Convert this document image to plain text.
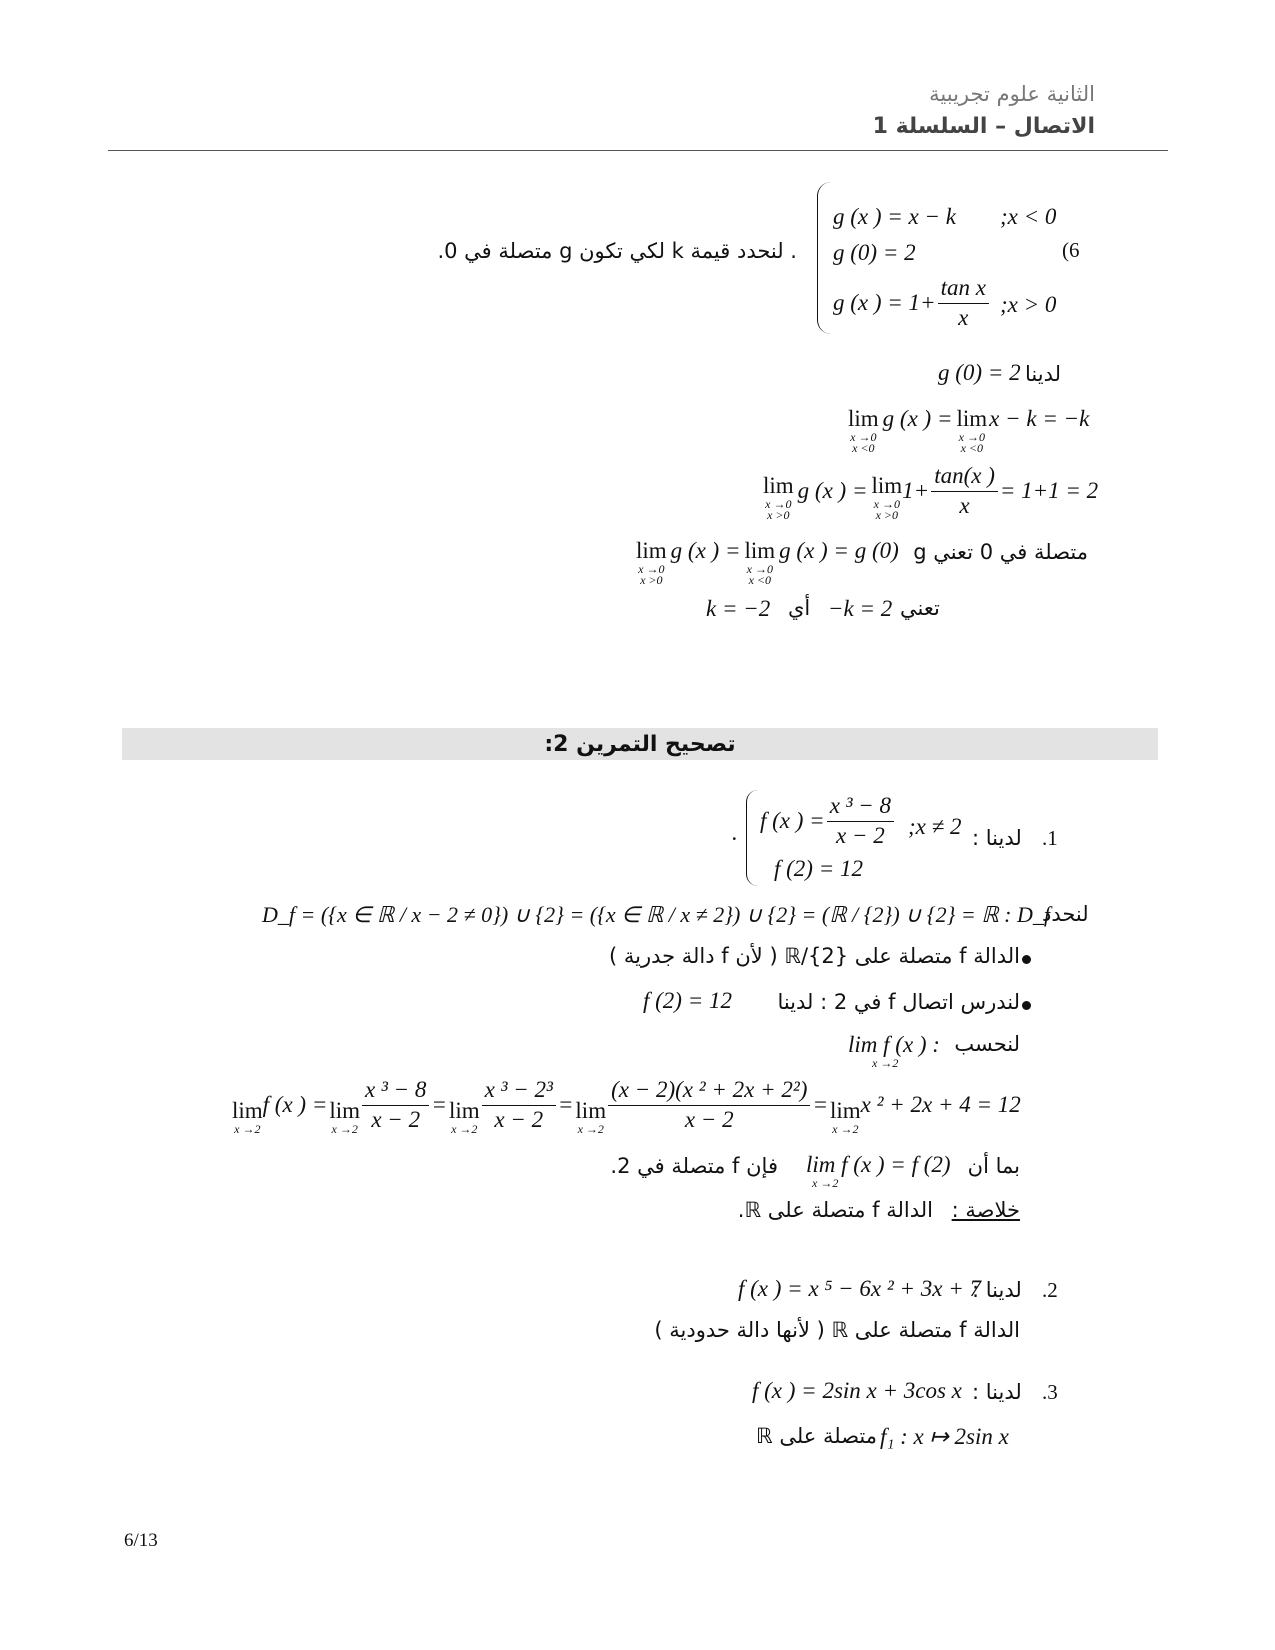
الثانية علوم تجريبية
الاتصال – السلسلة 1
(6
. لنحدد قيمة k لكي تكون g متصلة في 0.
g (x ) = x − k ;x < 0
g (0) = 2
g (x ) = $1+ \frac{\text{tan x}}{x}$ ;x > 0
لدينا
g (0) = 2
lim
x →0
x <0
g (x ) = lim
x →0
x <0
x − k = −k
lim
x →0
x >0
g (x ) = lim
x →0
x >0
$1+ \frac{\tan(x )}{x} = 1+1 = 2$
lim
x →0
x >0
g (x ) = lim
x →0
x <0
g (x ) = g (0) g متصلة في 0 تعني
تعني
−k = 2
أي
k = −2
تصحيح التمرين 2:
.1
لدينا :
. f (x ) = $\frac{\text{x ³ − 8}}{x - 2}$ ;x ≠ 2
f (2) = 12
لنحدد
D_f = ({x ∈ ℝ / x − 2 ≠ 0}) ∪ {2} = ({x ∈ ℝ / x ≠ 2}) ∪ {2} = (ℝ / {2}) ∪ {2} = ℝ : D_f
الدالة f متصلة على ℝ/{2} ( لأن f دالة جدرية )
لندرس اتصال f في 2 : لدينا
f (2) = 12
لنحسب
lim f (x ) :
x →2
lim
x →2
f (x ) = lim
$x \to 2 \frac{\text{x ³ − 8}}{x - 2} = \lim$
$x \to 2 \frac{\text{x ³ − 2³}}{x - 2} = \lim$
$x \to 2 \frac{\text{(x − 2)(x ² + 2x + 2²)}}{x - 2} = \lim$
x →2
x ² + 2x + 4 = 12
بما أن
lim f (x ) = f (2)
x →2
فإن f متصلة في 2.
خلاصة :
الدالة f متصلة على ℝ.
.2
لدينا :
f (x ) = x ⁵ − 6x ² + 3x + 7
الدالة f متصلة على ℝ ( لأنها دالة حدودية )
.3
لدينا :
f (x ) = 2sin x + 3cos x
f₁ : x ↦ 2sin x
متصلة على ℝ
6/13
